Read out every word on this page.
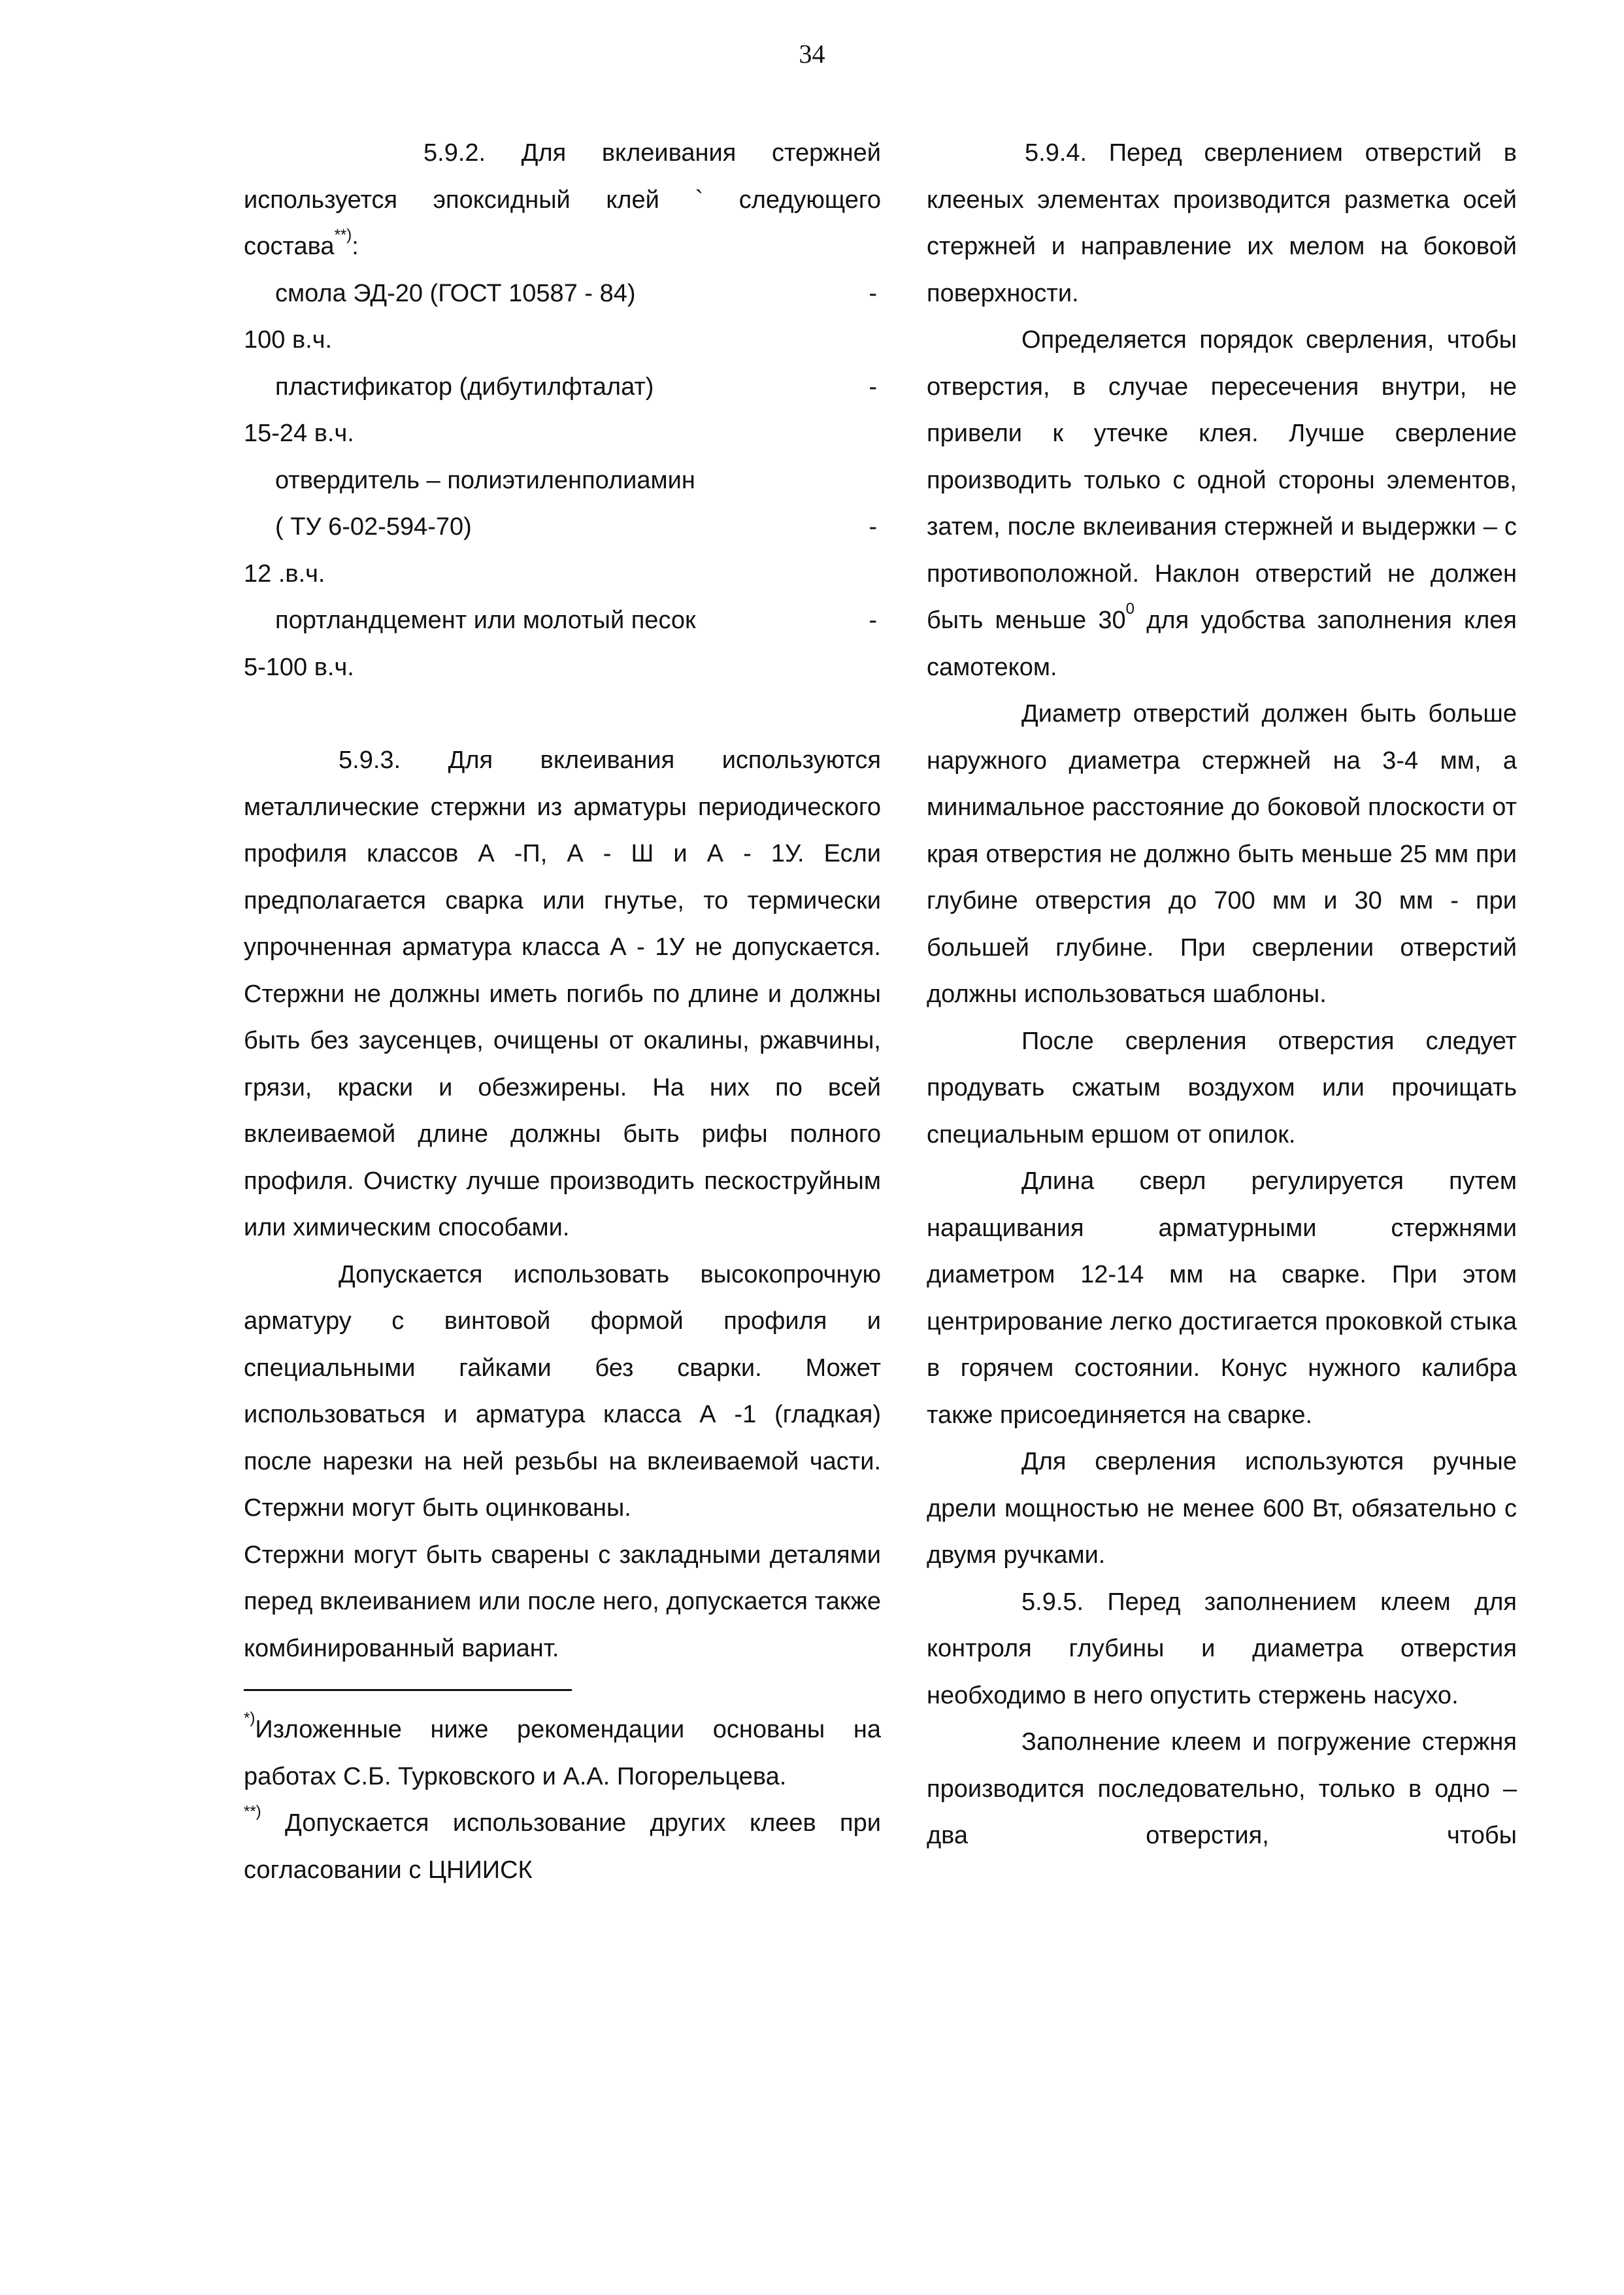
34

5.9.2. Для вклеивания стержней используется эпоксидный клей ` следующего состава**):

смола ЭД-20 (ГОСТ 10587 - 84)	-
100 в.ч.
пластификатор (дибутилфталат)	-
15-24 в.ч.
отвердитель – полиэтиленполиамин
( ТУ 6-02-594-70)	-
12 .в.ч.
портландцемент или молотый песок	-
5-100 в.ч.

5.9.3. Для вклеивания используются металлические стержни из арматуры периодического профиля классов А -П, А - Ш и А - 1У. Если предполагается сварка или гнутье, то термически упрочненная арматура класса А - 1У не допускается. Стержни не должны иметь погибь по длине и должны быть без заусенцев, очищены от окалины, ржавчины, грязи, краски и обезжирены. На них по всей вклеиваемой длине должны быть рифы полного профиля. Очистку лучше производить пескоструйным или химическим способами.

Допускается использовать высокопрочную арматуру с винтовой формой профиля и специальными гайками без сварки. Может использоваться и арматура класса А -1 (гладкая) после нарезки на ней резьбы на вклеиваемой части. Стержни могут быть оцинкованы.

Стержни могут быть сварены с закладными деталями перед вклеиванием или после него, допускается также комбинированный вариант.

*)Изложенные ниже рекомендации основаны на работах С.Б. Турковского и А.А. Погорельцева.

**) Допускается использование других клеев при согласовании с ЦНИИСК

5.9.4. Перед сверлением отверстий в клееных элементах производится разметка осей стержней и направление их мелом на боковой поверхности.

Определяется порядок сверления, чтобы отверстия, в случае пересечения внутри, не привели к утечке клея. Лучше сверление производить только с одной стороны элементов, затем, после вклеивания стержней и выдержки – с противоположной. Наклон отверстий не должен быть меньше $30^0$ для удобства заполнения клея самотеком.

Диаметр отверстий должен быть больше наружного диаметра стержней на 3-4 мм, а минимальное расстояние до боковой плоскости от края отверстия не должно быть меньше 25 мм при глубине отверстия до 700 мм и 30 мм - при большей глубине. При сверлении отверстий должны использоваться шаблоны.

После сверления отверстия следует продувать сжатым воздухом или прочищать специальным ершом от опилок.

Длина сверл регулируется путем наращивания арматурными стержнями диаметром 12-14 мм на сварке. При этом центрирование легко достигается проковкой стыка в горячем состоянии. Конус нужного калибра также присоединяется на сварке.

Для сверления используются ручные дрели мощностью не менее 600 Вт, обязательно с двумя ручками.

5.9.5. Перед заполнением клеем для контроля глубины и диаметра отверстия необходимо в него опустить стержень насухо.

Заполнение клеем и погружение стержня производится последовательно, только в одно – два отверстия, чтобы
